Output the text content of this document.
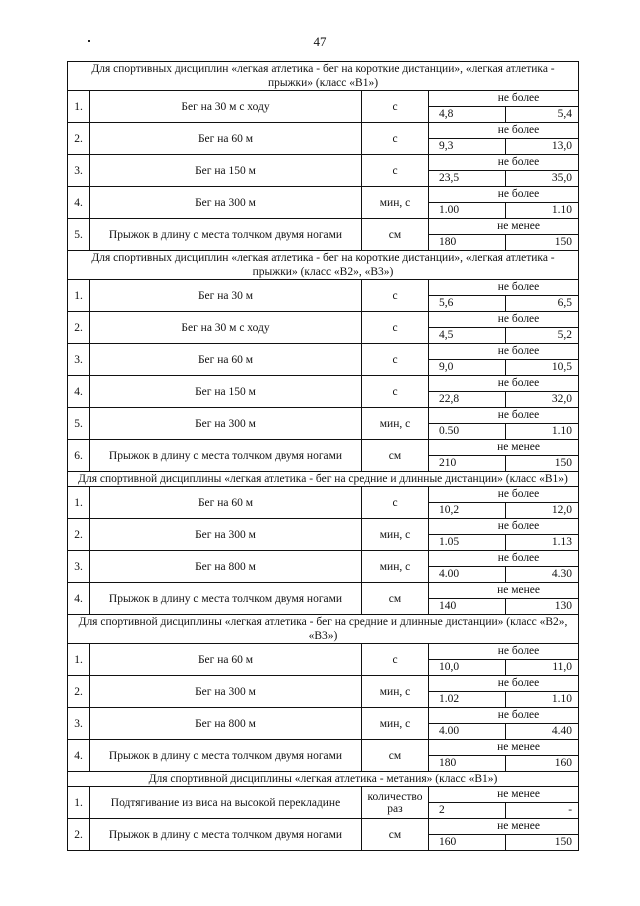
47
Для спортивных дисциплин «легкая атлетика - бег на короткие дистанции», «легкая атлетика - прыжки» (класс «В1»)			
1.	Бег на 30 м с ходу	с	не более
4,8 5,4

2.	Бег на 60 м	с	не более
9,3 13,0

3.	Бег на 150 м	с	не более
23,5 35,0

4.	Бег на 300 м	мин, с	не более
1.00 1.10

5.	Прыжок в длину с места толчком двумя ногами	см	не менее
180 150

Для спортивных дисциплин «легкая атлетика - бег на короткие дистанции», «легкая атлетика - прыжки» (класс «В2», «В3»)			
1.	Бег на 30 м	с	не более
5,6 6,5

2.	Бег на 30 м с ходу	с	не более
4,5 5,2

3.	Бег на 60 м	с	не более
9,0 10,5

4.	Бег на 150 м	с	не более
22,8 32,0

5.	Бег на 300 м	мин, с	не более
0.50 1.10

6.	Прыжок в длину с места толчком двумя ногами	см	не менее
210 150

Для спортивной дисциплины «легкая атлетика - бег на средние и длинные дистанции» (класс «В1»)			
1.	Бег на 60 м	с	не более
10,2 12,0

2.	Бег на 300 м	мин, с	не более
1.05 1.13

3.	Бег на 800 м	мин, с	не более
4.00 4.30

4.	Прыжок в длину с места толчком двумя ногами	см	не менее
140 130

Для спортивной дисциплины «легкая атлетика - бег на средние и длинные дистанции» (класс «В2», «В3»)			
1.	Бег на 60 м	с	не более
10,0 11,0

2.	Бег на 300 м	мин, с	не более
1.02 1.10

3.	Бег на 800 м	мин, с	не более
4.00 4.40

4.	Прыжок в длину с места толчком двумя ногами	см	не менее
180 160

Для спортивной дисциплины «легкая атлетика - метания» (класс «В1»)			
1.	Подтягивание из виса на высокой перекладине	количество раз	не менее
2 -

2.	Прыжок в длину с места толчком двумя ногами	см	не менее
160 150
